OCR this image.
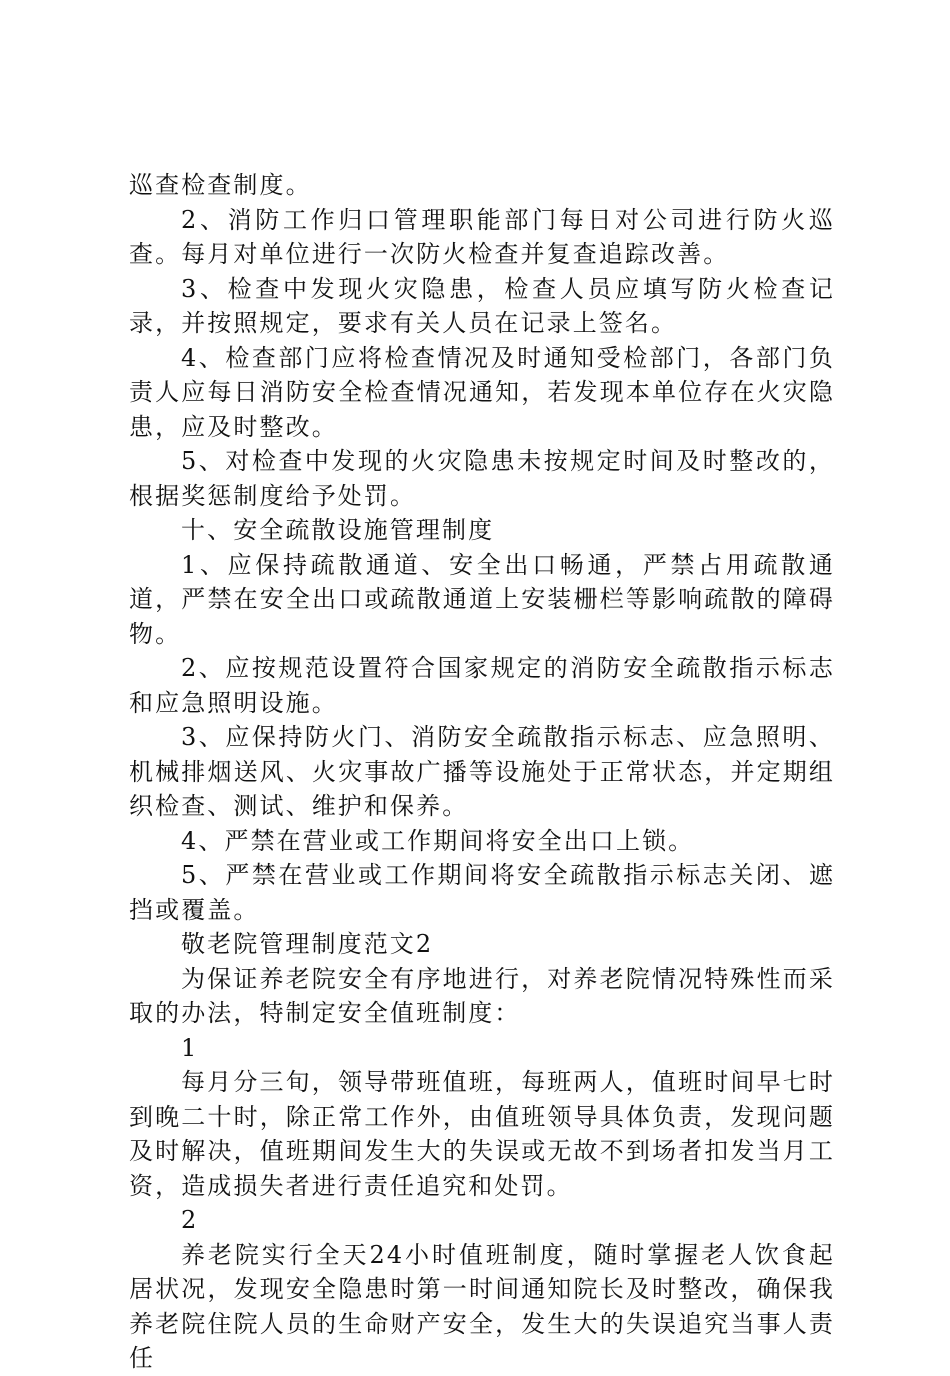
巡查检查制度。

2、消防工作归口管理职能部门每日对公司进行防火巡查。每月对单位进行一次防火检查并复查追踪改善。

3、检查中发现火灾隐患，检查人员应填写防火检查记录，并按照规定，要求有关人员在记录上签名。

4、检查部门应将检查情况及时通知受检部门，各部门负责人应每日消防安全检查情况通知，若发现本单位存在火灾隐患，应及时整改。

5、对检查中发现的火灾隐患未按规定时间及时整改的，根据奖惩制度给予处罚。

十、安全疏散设施管理制度

1、应保持疏散通道、安全出口畅通，严禁占用疏散通道，严禁在安全出口或疏散通道上安装栅栏等影响疏散的障碍物。

2、应按规范设置符合国家规定的消防安全疏散指示标志和应急照明设施。

3、应保持防火门、消防安全疏散指示标志、应急照明、机械排烟送风、火灾事故广播等设施处于正常状态，并定期组织检查、测试、维护和保养。

4、严禁在营业或工作期间将安全出口上锁。

5、严禁在营业或工作期间将安全疏散指示标志关闭、遮挡或覆盖。

敬老院管理制度范文2

为保证养老院安全有序地进行，对养老院情况特殊性而采取的办法，特制定安全值班制度：

1

每月分三旬，领导带班值班，每班两人，值班时间早七时到晚二十时，除正常工作外，由值班领导具体负责，发现问题及时解决，值班期间发生大的失误或无故不到场者扣发当月工资，造成损失者进行责任追究和处罚。

2

养老院实行全天24小时值班制度，随时掌握老人饮食起居状况，发现安全隐患时第一时间通知院长及时整改，确保我养老院住院人员的生命财产安全，发生大的失误追究当事人责任
